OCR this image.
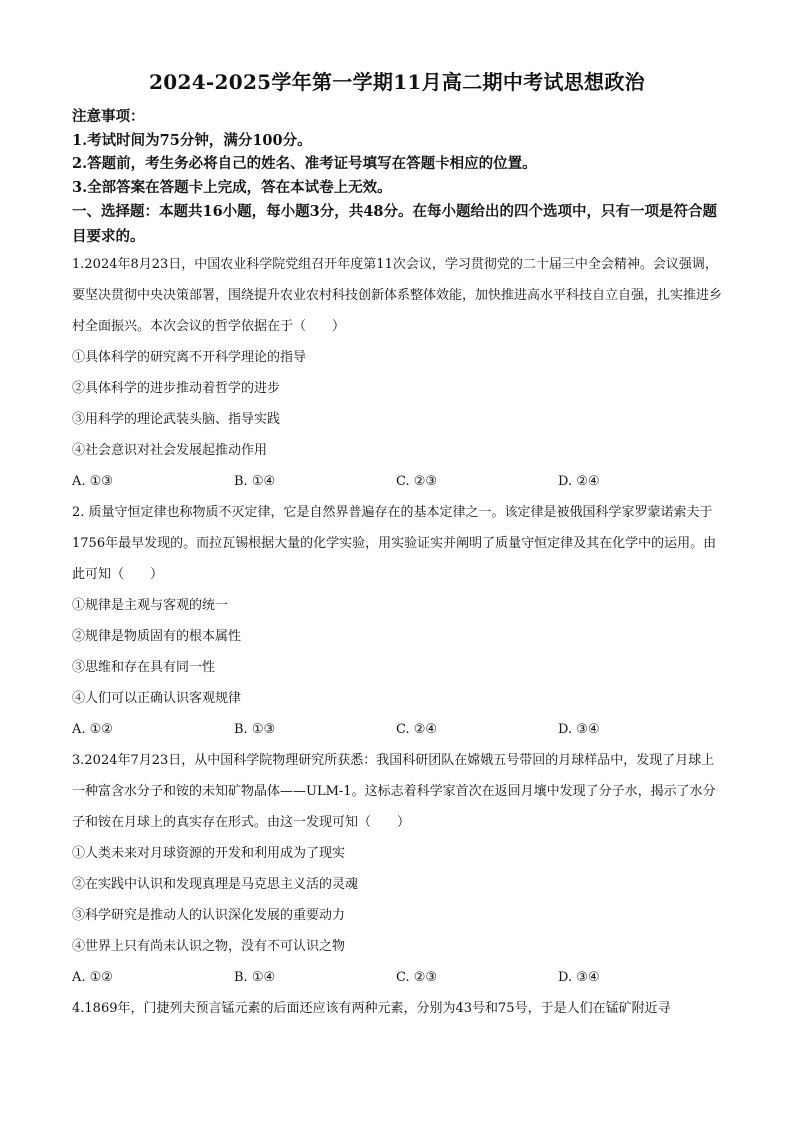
2024-2025学年第一学期11月高二期中考试思想政治
注意事项：
1.考试时间为75分钟，满分100分。
2.答题前，考生务必将自己的姓名、准考证号填写在答题卡相应的位置。
3.全部答案在答题卡上完成，答在本试卷上无效。
一、选择题：本题共16小题，每小题3分，共48分。在每小题给出的四个选项中，只有一项是符合题目要求的。
1.2024年8月23日，中国农业科学院党组召开年度第11次会议，学习贯彻党的二十届三中全会精神。会议强调，要坚决贯彻中央决策部署，围绕提升农业农村科技创新体系整体效能，加快推进高水平科技自立自强，扎实推进乡村全面振兴。本次会议的哲学依据在于（　　）
①具体科学的研究离不开科学理论的指导
②具体科学的进步推动着哲学的进步
③用科学的理论武装头脑、指导实践
④社会意识对社会发展起推动作用
A. ①③	B. ①④	C. ②③	D. ②④
2. 质量守恒定律也称物质不灭定律，它是自然界普遍存在的基本定律之一。该定律是被俄国科学家罗蒙诺索夫于1756年最早发现的。而拉瓦锡根据大量的化学实验，用实验证实并阐明了质量守恒定律及其在化学中的运用。由此可知（　　）
①规律是主观与客观的统一
②规律是物质固有的根本属性
③思维和存在具有同一性
④人们可以正确认识客观规律
A. ①②	B. ①③	C. ②④	D. ③④
3.2024年7月23日，从中国科学院物理研究所获悉：我国科研团队在嫦娥五号带回的月球样品中，发现了月球上一种富含水分子和铵的未知矿物晶体——ULM-1。这标志着科学家首次在返回月壤中发现了分子水，揭示了水分子和铵在月球上的真实存在形式。由这一发现可知（　　）
①人类未来对月球资源的开发和利用成为了现实
②在实践中认识和发现真理是马克思主义活的灵魂
③科学研究是推动人的认识深化发展的重要动力
④世界上只有尚未认识之物，没有不可认识之物
A. ①②	B. ①④	C. ②③	D. ③④
4.1869年，门捷列夫预言锰元素的后面还应该有两种元素，分别为43号和75号，于是人们在锰矿附近寻
